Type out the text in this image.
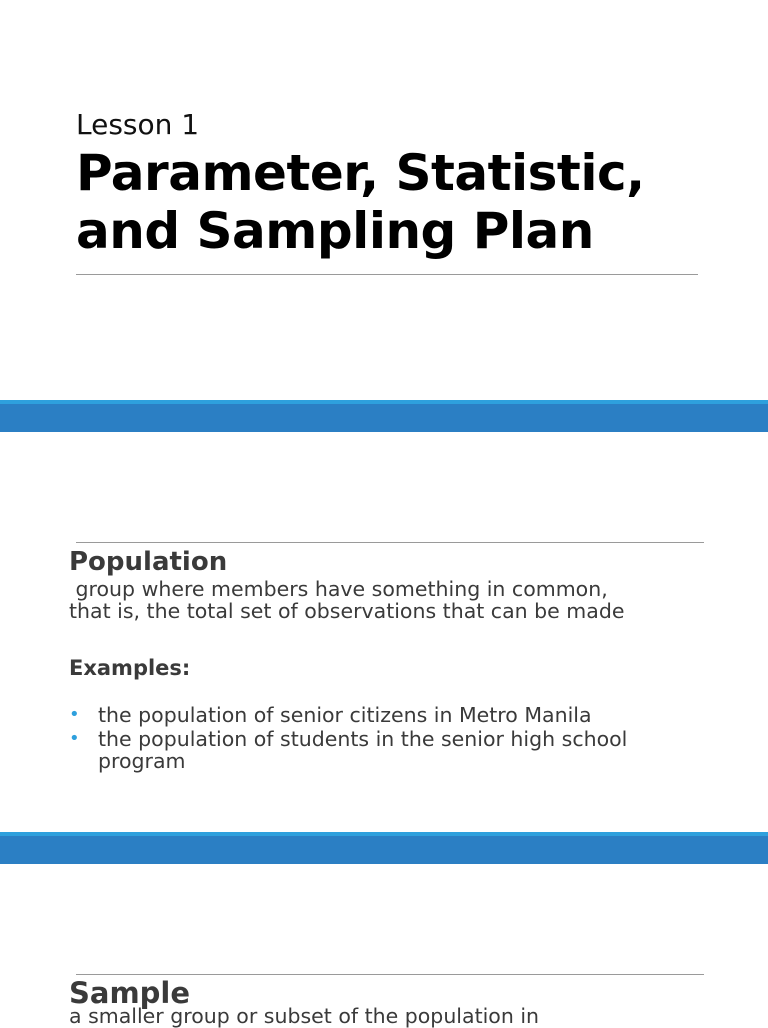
Lesson 1
Parameter, Statistic, and Sampling Plan
Population
group where members have something in common,
that is, the total set of observations that can be made
Examples:
• the population of senior citizens in Metro Manila
• the population of students in the senior high school program
Sample
a smaller group or subset of the population in
